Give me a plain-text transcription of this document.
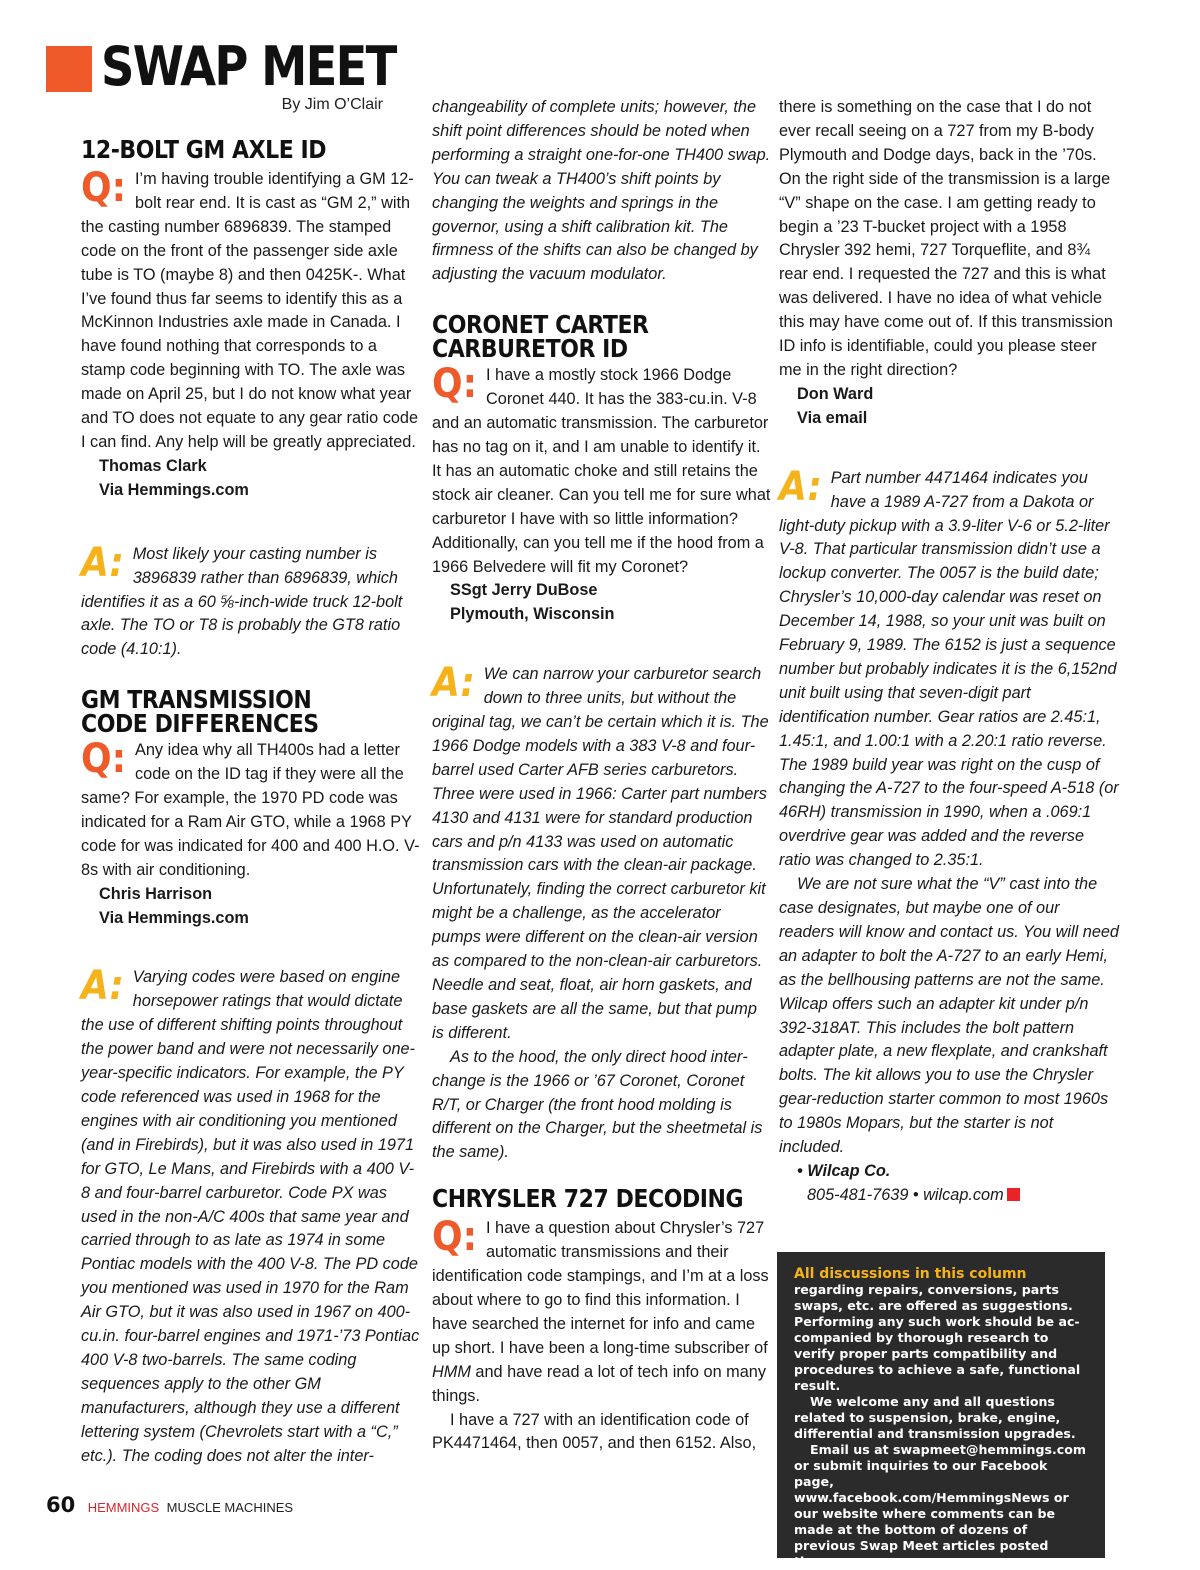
SWAP MEET
By Jim O’Clair
12-BOLT GM AXLE ID
Q: I’m having trouble identifying a GM 12-bolt rear end. It is cast as “GM 2,” with the casting number 6896839. The stamped code on the front of the passenger side axle tube is TO (maybe 8) and then 0425K-. What I’ve found thus far seems to identify this as a McKinnon Industries axle made in Canada. I have found nothing that corresponds to a stamp code beginning with TO. The axle was made on April 25, but I do not know what year and TO does not equate to any gear ratio code I can find. Any help will be greatly appreciated.

Thomas Clark

Via Hemmings.com

A: Most likely your casting number is 3896839 rather than 6896839, which identifies it as a 60 ⅝-inch-wide truck 12-bolt axle. The TO or T8 is probably the GT8 ratio code (4.10:1).

GM TRANSMISSION
CODE DIFFERENCES
Q: Any idea why all TH400s had a letter code on the ID tag if they were all the same? For example, the 1970 PD code was indicated for a Ram Air GTO, while a 1968 PY code for was indicated for 400 and 400 H.O. V-8s with air conditioning.

Chris Harrison

Via Hemmings.com

A: Varying codes were based on engine horsepower ratings that would dictate the use of different shifting points throughout the power band and were not necessarily one-year-specific indicators. For example, the PY code referenced was used in 1968 for the engines with air conditioning you mentioned (and in Firebirds), but it was also used in 1971 for GTO, Le Mans, and Firebirds with a 400 V-8 and four-barrel carburetor. Code PX was used in the non-A/C 400s that same year and carried through to as late as 1974 in some Pontiac models with the 400 V-8. The PD code you mentioned was used in 1970 for the Ram Air GTO, but it was also used in 1967 on 400-cu.in. four-barrel engines and 1971-’73 Pontiac 400 V-8 two-barrels. The same coding sequences apply to the other GM manufacturers, although they use a different lettering system (Chevrolets start with a “C,” etc.). The coding does not alter the inter-

changeability of complete units; however, the shift point differences should be noted when performing a straight one-for-one TH400 swap. You can tweak a TH400’s shift points by changing the weights and springs in the governor, using a shift calibration kit. The firmness of the shifts can also be changed by adjusting the vacuum modulator.

CORONET CARTER
CARBURETOR ID
Q: I have a mostly stock 1966 Dodge Coronet 440. It has the 383-cu.in. V-8 and an automatic transmission. The carburetor has no tag on it, and I am unable to identify it. It has an automatic choke and still retains the stock air cleaner. Can you tell me for sure what carburetor I have with so little information? Additionally, can you tell me if the hood from a 1966 Belvedere will fit my Coronet?

SSgt Jerry DuBose

Plymouth, Wisconsin

A: We can narrow your carburetor search down to three units, but without the original tag, we can’t be certain which it is. The 1966 Dodge models with a 383 V-8 and four-barrel used Carter AFB series carburetors. Three were used in 1966: Carter part numbers 4130 and 4131 were for standard production cars and p/n 4133 was used on automatic transmission cars with the clean-air package. Unfortunately, finding the correct carburetor kit might be a challenge, as the accelerator pumps were different on the clean-air version as compared to the non-clean-air carburetors. Needle and seat, float, air horn gaskets, and base gaskets are all the same, but that pump is different.

As to the hood, the only direct hood interchange is the 1966 or ’67 Coronet, Coronet R/T, or Charger (the front hood molding is different on the Charger, but the sheetmetal is the same).

CHRYSLER 727 DECODING
Q: I have a question about Chrysler’s 727 automatic transmissions and their identification code stampings, and I’m at a loss about where to go to find this information. I have searched the internet for info and came up short. I have been a long-time subscriber of HMM and have read a lot of tech info on many things.

I have a 727 with an identification code of PK4471464, then 0057, and then 6152. Also,

there is something on the case that I do not ever recall seeing on a 727 from my B-body Plymouth and Dodge days, back in the ’70s. On the right side of the transmission is a large “V” shape on the case. I am getting ready to begin a ’23 T-bucket project with a 1958 Chrysler 392 hemi, 727 Torqueflite, and 8¾ rear end. I requested the 727 and this is what was delivered. I have no idea of what vehicle this may have come out of. If this transmission ID info is identifiable, could you please steer me in the right direction?

Don Ward

Via email

A: Part number 4471464 indicates you have a 1989 A-727 from a Dakota or light-duty pickup with a 3.9-liter V-6 or 5.2-liter V-8. That particular transmission didn’t use a lockup converter. The 0057 is the build date; Chrysler’s 10,000-day calendar was reset on December 14, 1988, so your unit was built on February 9, 1989. The 6152 is just a sequence number but probably indicates it is the 6,152nd unit built using that seven-digit part identification number. Gear ratios are 2.45:1, 1.45:1, and 1.00:1 with a 2.20:1 ratio reverse. The 1989 build year was right on the cusp of changing the A-727 to the four-speed A-518 (or 46RH) transmission in 1990, when a .069:1 overdrive gear was added and the reverse ratio was changed to 2.35:1.

We are not sure what the “V” cast into the case designates, but maybe one of our readers will know and contact us. You will need an adapter to bolt the A-727 to an early Hemi, as the bellhousing patterns are not the same. Wilcap offers such an adapter kit under p/n 392-318AT. This includes the bolt pattern adapter plate, a new flexplate, and crankshaft bolts. The kit allows you to use the Chrysler gear-reduction starter common to most 1960s to 1980s Mopars, but the starter is not included.

• Wilcap Co.

805-481-7639 • wilcap.com

All discussions in this column regarding repairs, conversions, parts swaps, etc. are offered as suggestions. Performing any such work should be accompanied by thorough research to verify proper parts compatibility and procedures to achieve a safe, functional result.

We welcome any and all questions related to suspension, brake, engine, differential and transmission upgrades.

Email us at swapmeet@hemmings.com or submit inquiries to our Facebook page, www.facebook.com/HemmingsNews or our website where comments can be made at the bottom of dozens of previous Swap Meet articles posted there.

60 HEMMINGS MUSCLE MACHINES
